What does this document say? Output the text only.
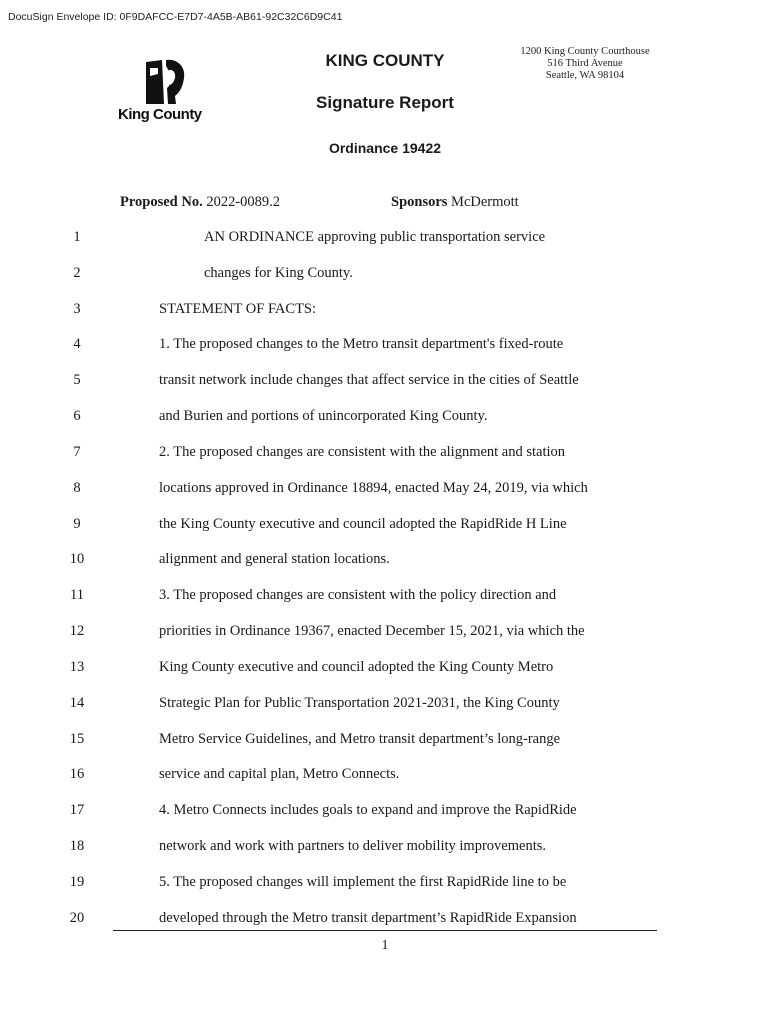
DocuSign Envelope ID: 0F9DAFCC-E7D7-4A5B-AB61-92C32C6D9C41
King County
KING COUNTY	1200 King County Courthouse
516 Third Avenue
Seattle, WA 98104
Signature Report
Ordinance 19422
Proposed No. 2022-0089.2	Sponsors McDermott
1	AN ORDINANCE approving public transportation service
2	changes for King County.
3	STATEMENT OF FACTS:
4	1. The proposed changes to the Metro transit department's fixed-route
5	transit network include changes that affect service in the cities of Seattle
6	and Burien and portions of unincorporated King County.
7	2. The proposed changes are consistent with the alignment and station
8	locations approved in Ordinance 18894, enacted May 24, 2019, via which
9	the King County executive and council adopted the RapidRide H Line
10	alignment and general station locations.
11	3. The proposed changes are consistent with the policy direction and
12	priorities in Ordinance 19367, enacted December 15, 2021, via which the
13	King County executive and council adopted the King County Metro
14	Strategic Plan for Public Transportation 2021-2031, the King County
15	Metro Service Guidelines, and Metro transit department’s long-range
16	service and capital plan, Metro Connects.
17	4. Metro Connects includes goals to expand and improve the RapidRide
18	network and work with partners to deliver mobility improvements.
19	5. The proposed changes will implement the first RapidRide line to be
20	developed through the Metro transit department’s RapidRide Expansion
1
